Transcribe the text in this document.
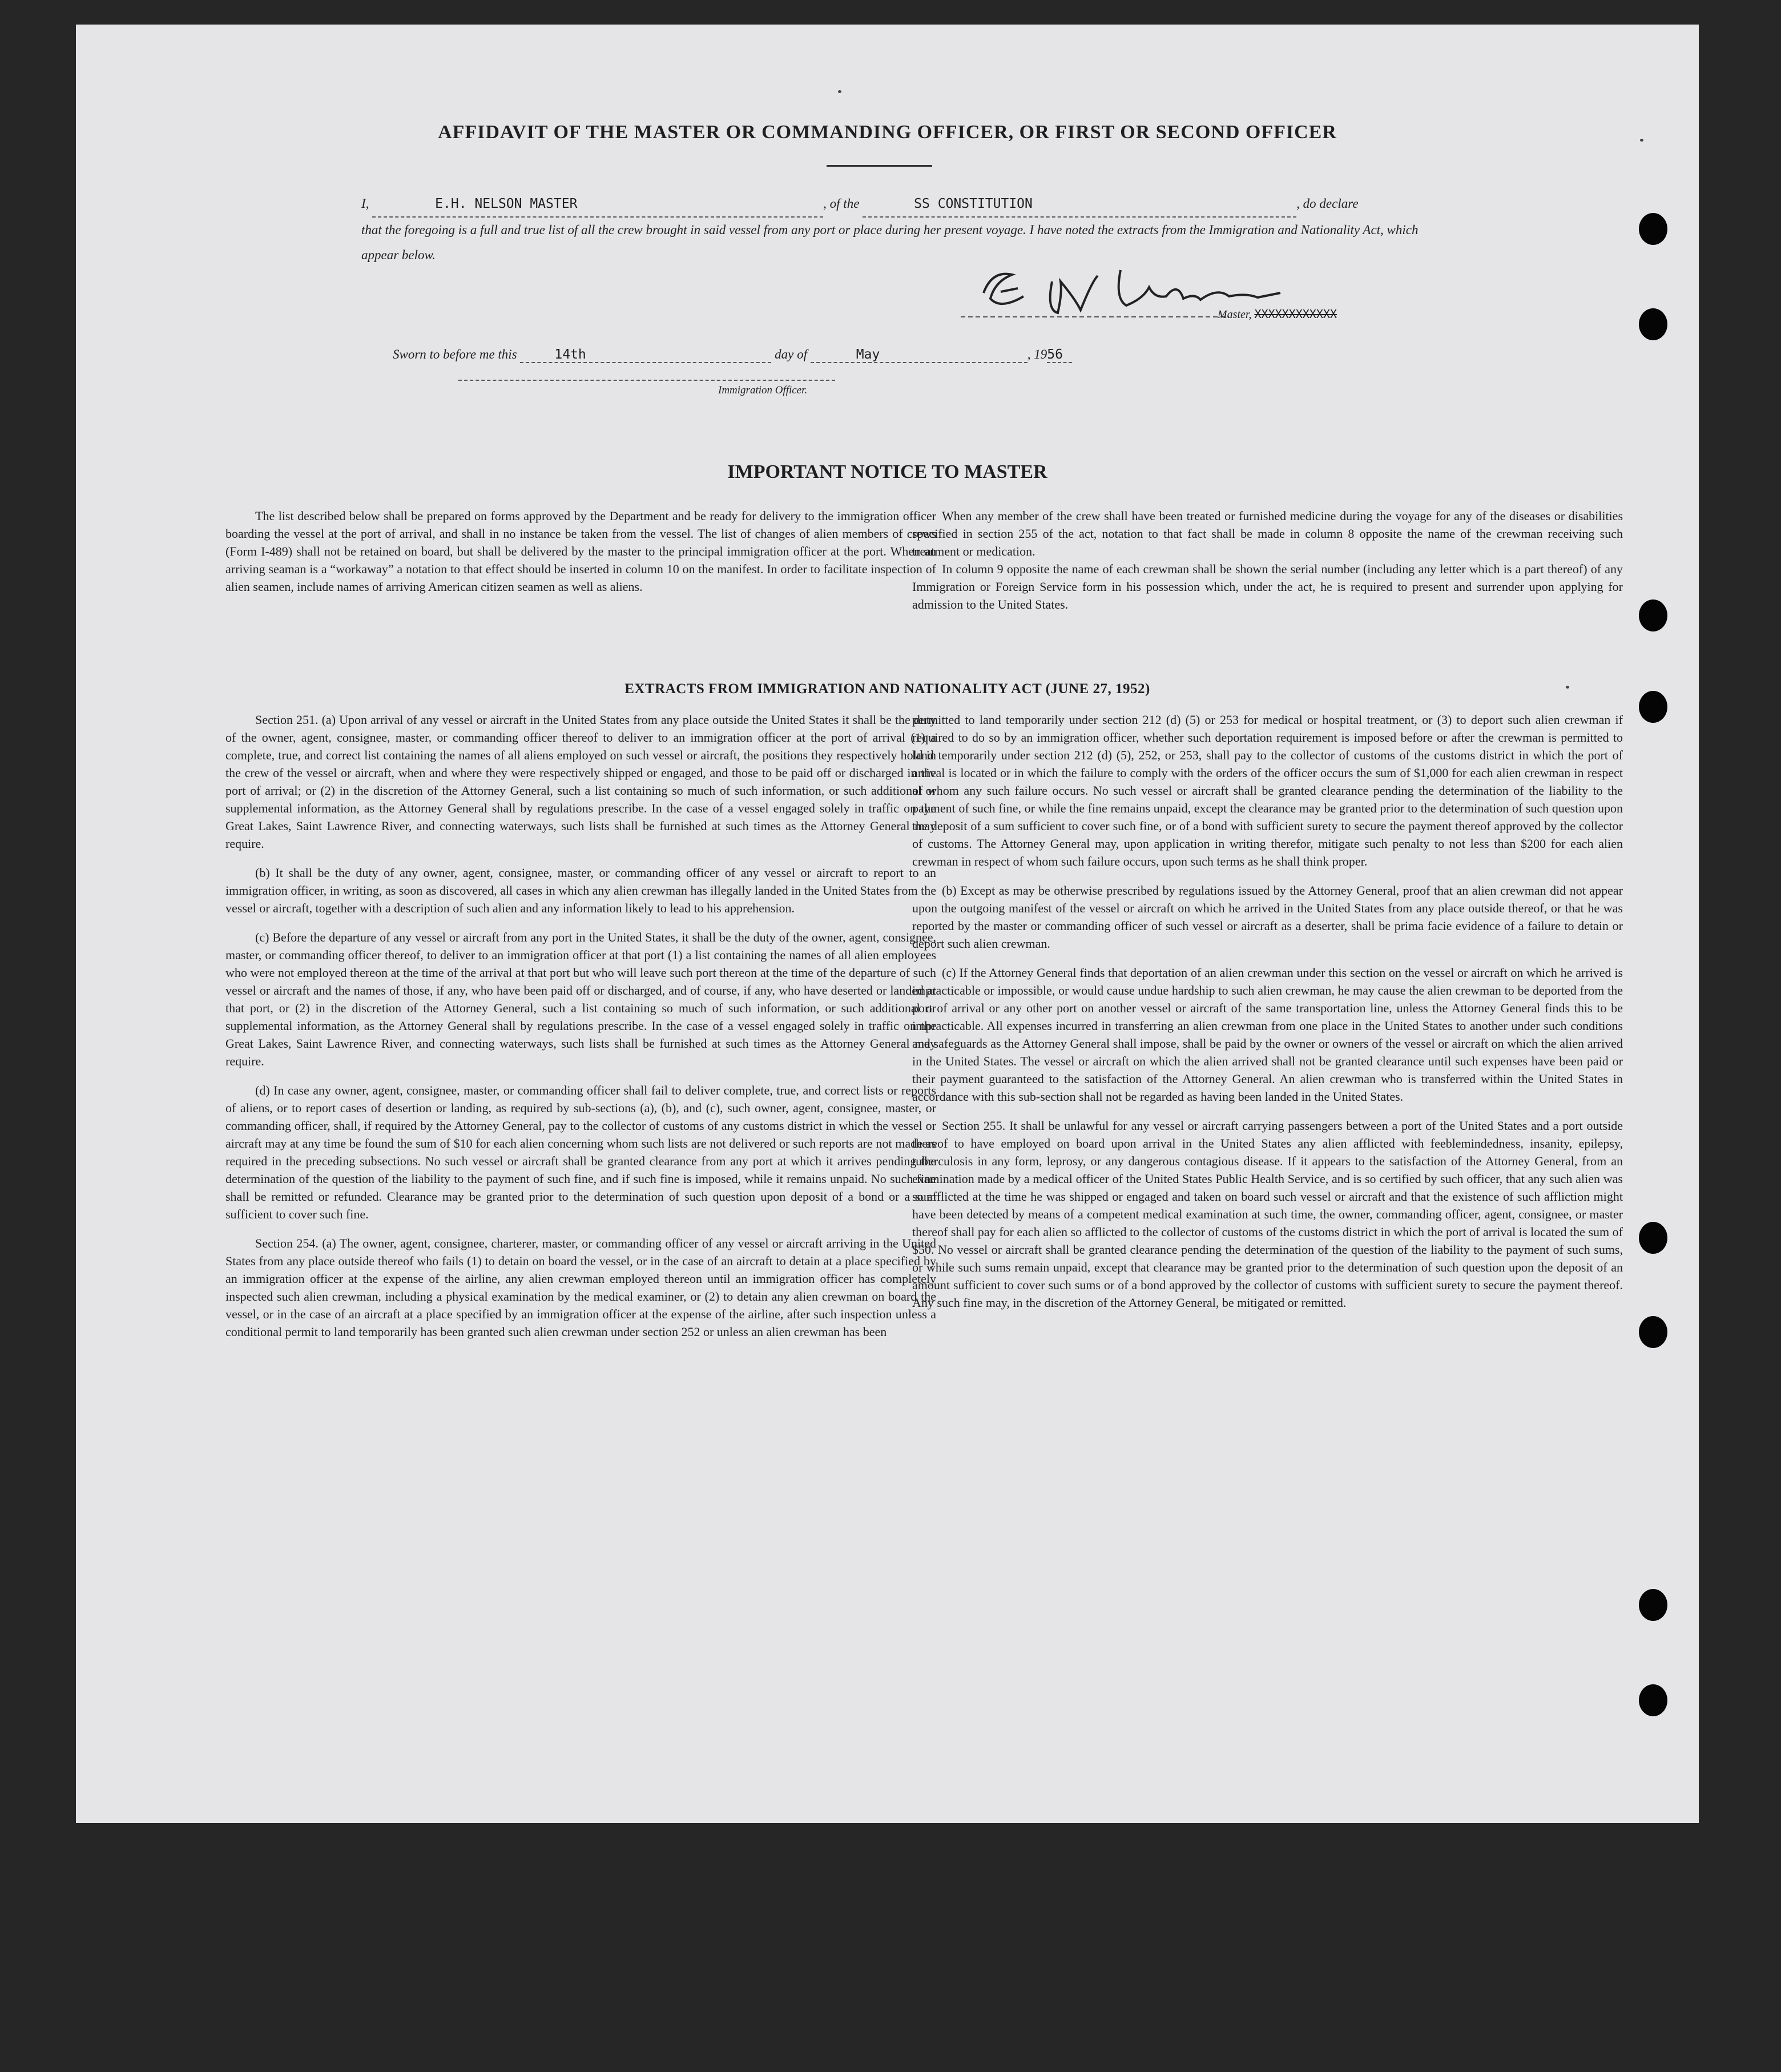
AFFIDAVIT OF THE MASTER OR COMMANDING OFFICER, OR FIRST OR SECOND OFFICER
I,	E.H. NELSON MASTER	, of the	SS CONSTITUTION	, do declare
that the foregoing is a full and true list of all the crew brought in said vessel from any port or place during her present voyage. I have noted the extracts from the Immigration and Nationality Act, which appear below.
Master, XXXXXXXXXXXX
Sworn to before me this	14th	day of	May	, 1956
Immigration Officer.
IMPORTANT NOTICE TO MASTER

The list described below shall be prepared on forms approved by the Department and be ready for delivery to the immigration officer boarding the vessel at the port of arrival, and shall in no instance be taken from the vessel. The list of changes of alien members of crews (Form I-489) shall not be retained on board, but shall be delivered by the master to the principal immigration officer at the port. When an arriving seaman is a “workaway” a notation to that effect should be inserted in column 10 on the manifest. In order to facilitate inspection of alien seamen, include names of arriving American citizen seamen as well as aliens.

When any member of the crew shall have been treated or furnished medicine during the voyage for any of the diseases or disabilities specified in section 255 of the act, notation to that fact shall be made in column 8 opposite the name of the crewman receiving such treatment or medication.

In column 9 opposite the name of each crewman shall be shown the serial number (including any letter which is a part thereof) of any Immigration or Foreign Service form in his possession which, under the act, he is required to present and surrender upon applying for admission to the United States.

EXTRACTS FROM IMMIGRATION AND NATIONALITY ACT (JUNE 27, 1952)

Section 251. (a) Upon arrival of any vessel or aircraft in the United States from any place outside the United States it shall be the duty of the owner, agent, consignee, master, or commanding officer thereof to deliver to an immigration officer at the port of arrival (1) a complete, true, and correct list containing the names of all aliens employed on such vessel or aircraft, the positions they respectively hold in the crew of the vessel or aircraft, when and where they were respectively shipped or engaged, and those to be paid off or discharged in the port of arrival; or (2) in the discretion of the Attorney General, such a list containing so much of such information, or such additional or supplemental information, as the Attorney General shall by regulations prescribe. In the case of a vessel engaged solely in traffic on the Great Lakes, Saint Lawrence River, and connecting waterways, such lists shall be furnished at such times as the Attorney General may require.

(b) It shall be the duty of any owner, agent, consignee, master, or commanding officer of any vessel or aircraft to report to an immigration officer, in writing, as soon as discovered, all cases in which any alien crewman has illegally landed in the United States from the vessel or aircraft, together with a description of such alien and any information likely to lead to his apprehension.

(c) Before the departure of any vessel or aircraft from any port in the United States, it shall be the duty of the owner, agent, consignee, master, or commanding officer thereof, to deliver to an immigration officer at that port (1) a list containing the names of all alien employees who were not employed thereon at the time of the arrival at that port but who will leave such port thereon at the time of the departure of such vessel or aircraft and the names of those, if any, who have been paid off or discharged, and of course, if any, who have deserted or landed at that port, or (2) in the discretion of the Attorney General, such a list containing so much of such information, or such additional or supplemental information, as the Attorney General shall by regulations prescribe. In the case of a vessel engaged solely in traffic on the Great Lakes, Saint Lawrence River, and connecting waterways, such lists shall be furnished at such times as the Attorney General may require.

(d) In case any owner, agent, consignee, master, or commanding officer shall fail to deliver complete, true, and correct lists or reports of aliens, or to report cases of desertion or landing, as required by sub-sections (a), (b), and (c), such owner, agent, consignee, master, or commanding officer, shall, if required by the Attorney General, pay to the collector of customs of any customs district in which the vessel or aircraft may at any time be found the sum of $10 for each alien concerning whom such lists are not delivered or such reports are not made as required in the preceding subsections. No such vessel or aircraft shall be granted clearance from any port at which it arrives pending the determination of the question of the liability to the payment of such fine, and if such fine is imposed, while it remains unpaid. No such fine shall be remitted or refunded. Clearance may be granted prior to the determination of such question upon deposit of a bond or a sum sufficient to cover such fine.

Section 254. (a) The owner, agent, consignee, charterer, master, or commanding officer of any vessel or aircraft arriving in the United States from any place outside thereof who fails (1) to detain on board the vessel, or in the case of an aircraft to detain at a place specified by an immigration officer at the expense of the airline, any alien crewman employed thereon until an immigration officer has completely inspected such alien crewman, including a physical examination by the medical examiner, or (2) to detain any alien crewman on board the vessel, or in the case of an aircraft at a place specified by an immigration officer at the expense of the airline, after such inspection unless a conditional permit to land temporarily has been granted such alien crewman under section 252 or unless an alien crewman has been

permitted to land temporarily under section 212 (d) (5) or 253 for medical or hospital treatment, or (3) to deport such alien crewman if required to do so by an immigration officer, whether such deportation requirement is imposed before or after the crewman is permitted to land temporarily under section 212 (d) (5), 252, or 253, shall pay to the collector of customs of the customs district in which the port of arrival is located or in which the failure to comply with the orders of the officer occurs the sum of $1,000 for each alien crewman in respect of whom any such failure occurs. No such vessel or aircraft shall be granted clearance pending the determination of the liability to the payment of such fine, or while the fine remains unpaid, except the clearance may be granted prior to the determination of such question upon the deposit of a sum sufficient to cover such fine, or of a bond with sufficient surety to secure the payment thereof approved by the collector of customs. The Attorney General may, upon application in writing therefor, mitigate such penalty to not less than $200 for each alien crewman in respect of whom such failure occurs, upon such terms as he shall think proper.

(b) Except as may be otherwise prescribed by regulations issued by the Attorney General, proof that an alien crewman did not appear upon the outgoing manifest of the vessel or aircraft on which he arrived in the United States from any place outside thereof, or that he was reported by the master or commanding officer of such vessel or aircraft as a deserter, shall be prima facie evidence of a failure to detain or deport such alien crewman.

(c) If the Attorney General finds that deportation of an alien crewman under this section on the vessel or aircraft on which he arrived is impracticable or impossible, or would cause undue hardship to such alien crewman, he may cause the alien crewman to be deported from the port of arrival or any other port on another vessel or aircraft of the same transportation line, unless the Attorney General finds this to be impracticable. All expenses incurred in transferring an alien crewman from one place in the United States to another under such conditions and safeguards as the Attorney General shall impose, shall be paid by the owner or owners of the vessel or aircraft on which the alien arrived in the United States. The vessel or aircraft on which the alien arrived shall not be granted clearance until such expenses have been paid or their payment guaranteed to the satisfaction of the Attorney General. An alien crewman who is transferred within the United States in accordance with this sub-section shall not be regarded as having been landed in the United States.

Section 255. It shall be unlawful for any vessel or aircraft carrying passengers between a port of the United States and a port outside thereof to have employed on board upon arrival in the United States any alien afflicted with feeblemindedness, insanity, epilepsy, tuberculosis in any form, leprosy, or any dangerous contagious disease. If it appears to the satisfaction of the Attorney General, from an examination made by a medical officer of the United States Public Health Service, and is so certified by such officer, that any such alien was so afflicted at the time he was shipped or engaged and taken on board such vessel or aircraft and that the existence of such affliction might have been detected by means of a competent medical examination at such time, the owner, commanding officer, agent, consignee, or master thereof shall pay for each alien so afflicted to the collector of customs of the customs district in which the port of arrival is located the sum of $50. No vessel or aircraft shall be granted clearance pending the determination of the question of the liability to the payment of such sums, or while such sums remain unpaid, except that clearance may be granted prior to the determination of such question upon the deposit of an amount sufficient to cover such sums or of a bond approved by the collector of customs with sufficient surety to secure the payment thereof. Any such fine may, in the discretion of the Attorney General, be mitigated or remitted.
